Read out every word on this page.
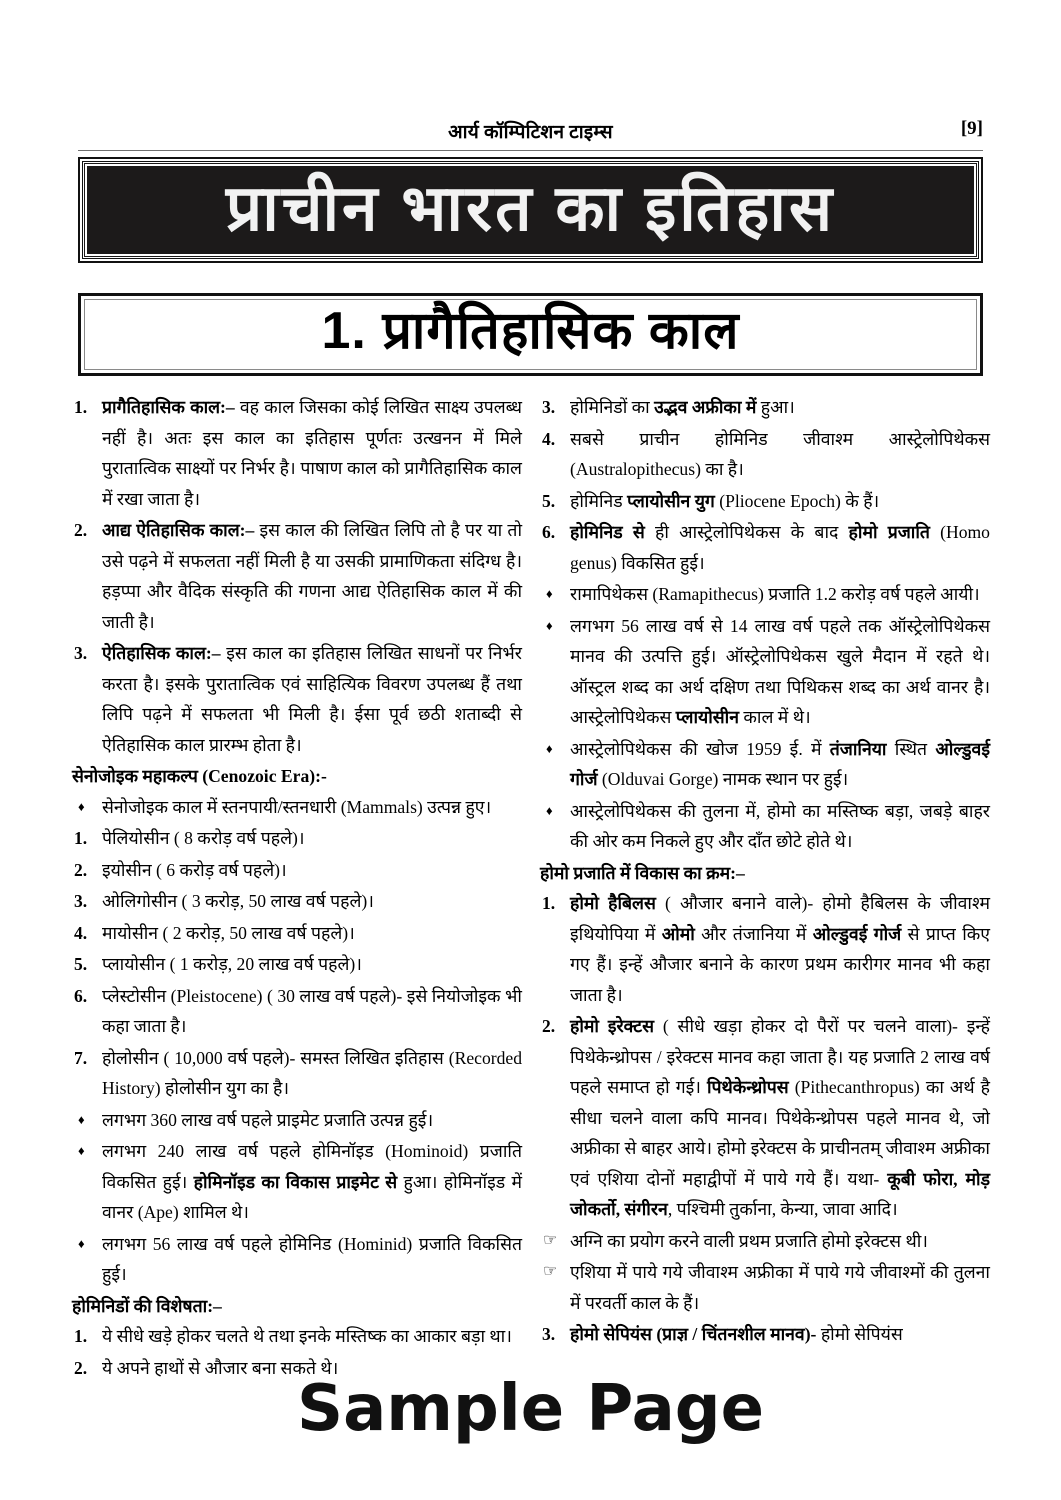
आर्य कॉम्पिटिशन टाइम्स	[9]
प्राचीन भारत का इतिहास
1. प्रागैतिहासिक काल
1. प्रागैतिहासिक काल:– वह काल जिसका कोई लिखित साक्ष्य उपलब्ध नहीं है। अतः इस काल का इतिहास पूर्णतः उत्खनन में मिले पुरातात्विक साक्ष्यों पर निर्भर है। पाषाण काल को प्रागैतिहासिक काल में रखा जाता है।
2. आद्य ऐतिहासिक काल:– इस काल की लिखित लिपि तो है पर या तो उसे पढ़ने में सफलता नहीं मिली है या उसकी प्रामाणिकता संदिग्ध है। हड़प्पा और वैदिक संस्कृति की गणना आद्य ऐतिहासिक काल में की जाती है।
3. ऐतिहासिक काल:– इस काल का इतिहास लिखित साधनों पर निर्भर करता है। इसके पुरातात्विक एवं साहित्यिक विवरण उपलब्ध हैं तथा लिपि पढ़ने में सफलता भी मिली है। ईसा पूर्व छठी शताब्दी से ऐतिहासिक काल प्रारम्भ होता है।
सेनोजोइक महाकल्प (Cenozoic Era):-
♦ सेनोजोइक काल में स्तनपायी/स्तनधारी (Mammals) उत्पन्न हुए।
1. पेलियोसीन ( 8 करोड़ वर्ष पहले)।
2. इयोसीन ( 6 करोड़ वर्ष पहले)।
3. ओलिगोसीन ( 3 करोड़, 50 लाख वर्ष पहले)।
4. मायोसीन ( 2 करोड़, 50 लाख वर्ष पहले)।
5. प्लायोसीन ( 1 करोड़, 20 लाख वर्ष पहले)।
6. प्लेस्टोसीन (Pleistocene) ( 30 लाख वर्ष पहले)- इसे नियोजोइक भी कहा जाता है।
7. होलोसीन ( 10,000 वर्ष पहले)- समस्त लिखित इतिहास (Recorded History) होलोसीन युग का है।
♦ लगभग 360 लाख वर्ष पहले प्राइमेट प्रजाति उत्पन्न हुई।
♦ लगभग 240 लाख वर्ष पहले होमिनॉइड (Hominoid) प्रजाति विकसित हुई। होमिनॉइड का विकास प्राइमेट से हुआ। होमिनॉइड में वानर (Ape) शामिल थे।
♦ लगभग 56 लाख वर्ष पहले होमिनिड (Hominid) प्रजाति विकसित हुई।
होमिनिडों की विशेषता:–
1. ये सीधे खड़े होकर चलते थे तथा इनके मस्तिष्क का आकार बड़ा था।
2. ये अपने हाथों से औजार बना सकते थे।
3. होमिनिडों का उद्भव अफ्रीका में हुआ।
4. सबसे प्राचीन होमिनिड जीवाश्म आस्ट्रेलोपिथेकस (Australopithecus) का है।
5. होमिनिड प्लायोसीन युग (Pliocene Epoch) के हैं।
6. होमिनिड से ही आस्ट्रेलोपिथेकस के बाद होमो प्रजाति (Homo genus) विकसित हुई।
♦ रामापिथेकस (Ramapithecus) प्रजाति 1.2 करोड़ वर्ष पहले आयी।
♦ लगभग 56 लाख वर्ष से 14 लाख वर्ष पहले तक ऑस्ट्रेलोपिथेकस मानव की उत्पत्ति हुई। ऑस्ट्रेलोपिथेकस खुले मैदान में रहते थे। ऑस्ट्रल शब्द का अर्थ दक्षिण तथा पिथिकस शब्द का अर्थ वानर है। आस्ट्रेलोपिथेकस प्लायोसीन काल में थे।
♦ आस्ट्रेलोपिथेकस की खोज 1959 ई. में तंजानिया स्थित ओल्डुवई गोर्ज (Olduvai Gorge) नामक स्थान पर हुई।
♦ आस्ट्रेलोपिथेकस की तुलना में, होमो का मस्तिष्क बड़ा, जबड़े बाहर की ओर कम निकले हुए और दाँत छोटे होते थे।
होमो प्रजाति में विकास का क्रम:–
1. होमो हैबिलस ( औजार बनाने वाले)- होमो हैबिलस के जीवाश्म इथियोपिया में ओमो और तंजानिया में ओल्डुवई गोर्ज से प्राप्त किए गए हैं। इन्हें औजार बनाने के कारण प्रथम कारीगर मानव भी कहा जाता है।
2. होमो इरेक्टस ( सीधे खड़ा होकर दो पैरों पर चलने वाला)- इन्हें पिथेकेन्थ्रोपस / इरेक्टस मानव कहा जाता है। यह प्रजाति 2 लाख वर्ष पहले समाप्त हो गई। पिथेकेन्थ्रोपस (Pithecanthropus) का अर्थ है सीधा चलने वाला कपि मानव। पिथेकेन्थ्रोपस पहले मानव थे, जो अफ्रीका से बाहर आये। होमो इरेक्टस के प्राचीनतम् जीवाश्म अफ्रीका एवं एशिया दोनों महाद्वीपों में पाये गये हैं। यथा- कूबी फोरा, मोड़ जोकर्तो, संगीरन, पश्चिमी तुर्काना, केन्या, जावा आदि।
☞ अग्नि का प्रयोग करने वाली प्रथम प्रजाति होमो इरेक्टस थी।
☞ एशिया में पाये गये जीवाश्म अफ्रीका में पाये गये जीवाश्मों की तुलना में परवर्ती काल के हैं।
3. होमो सेपियंस (प्राज्ञ / चिंतनशील मानव)- होमो सेपियंस
Sample Page
